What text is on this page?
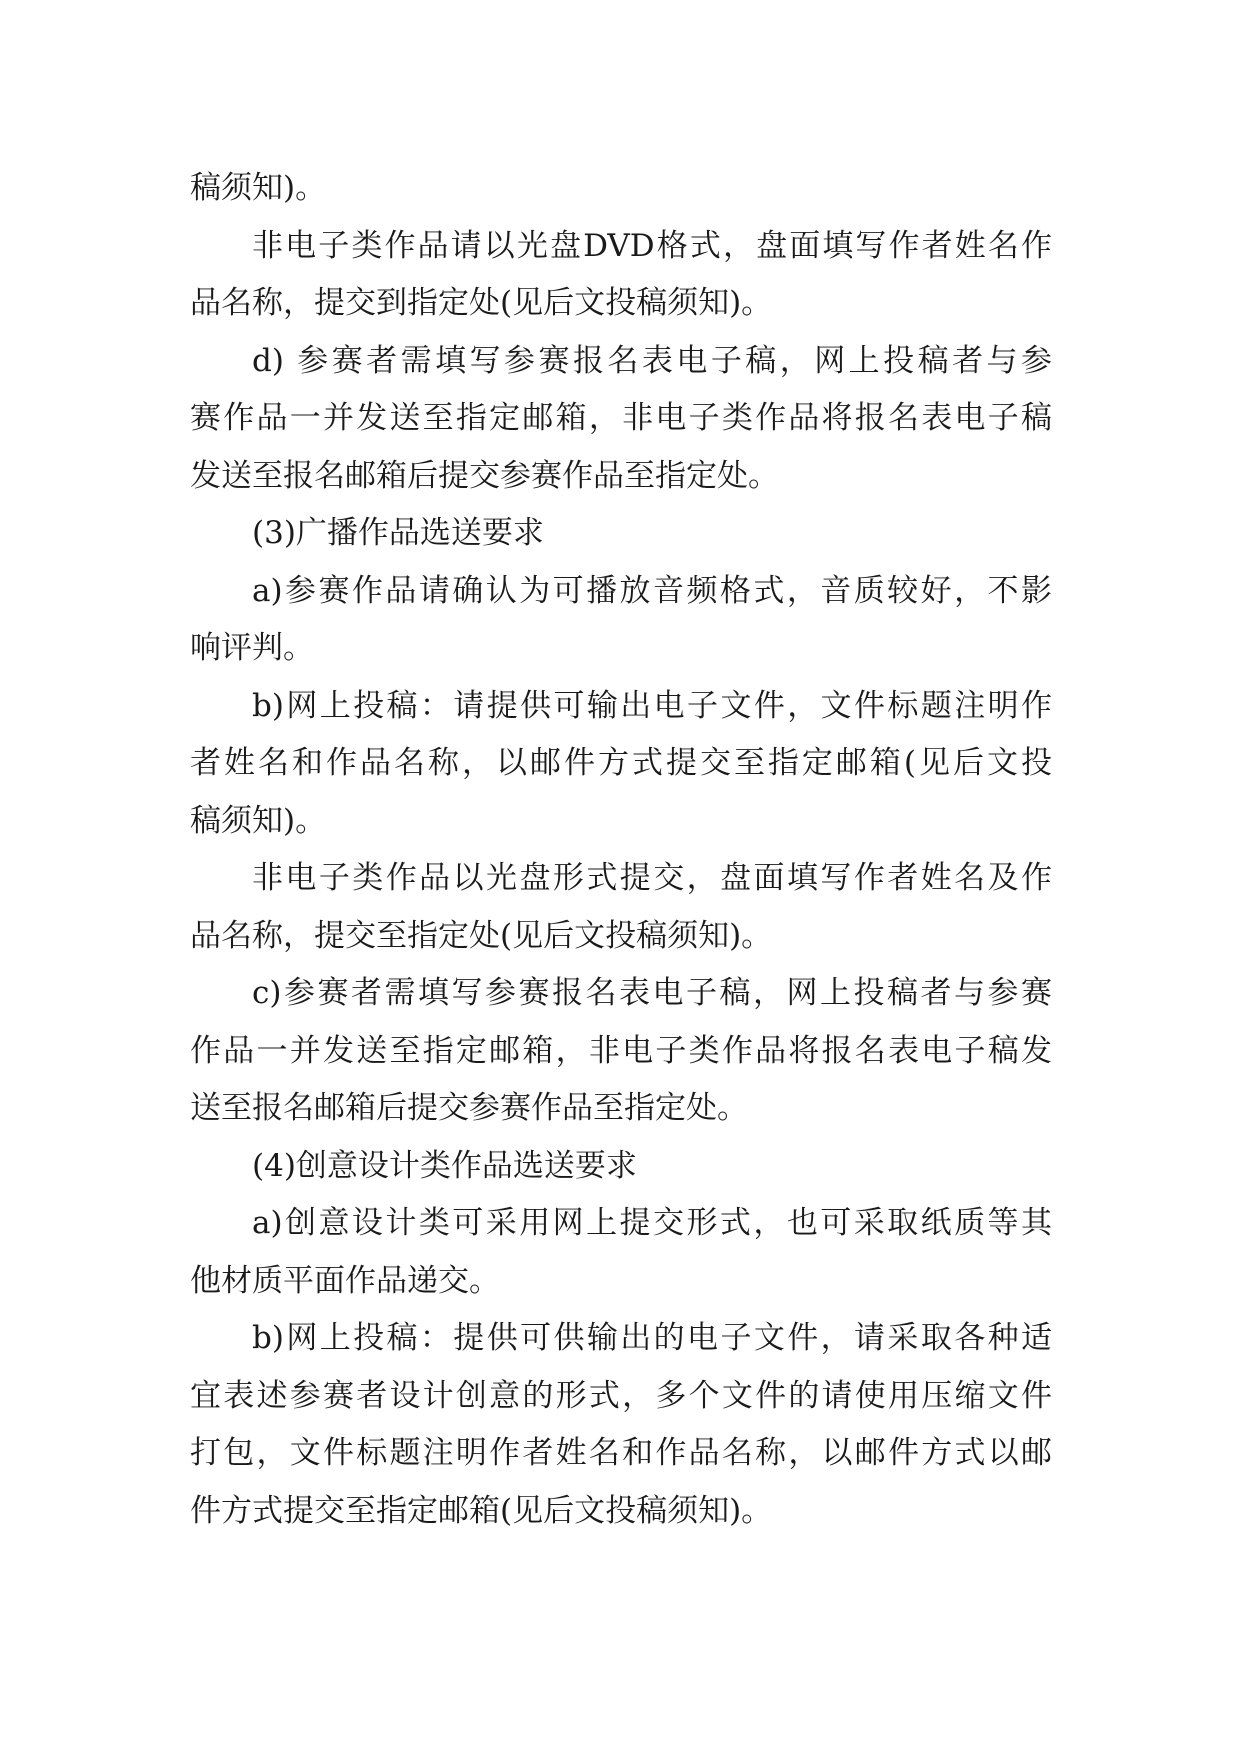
稿须知)。
非电子类作品请以光盘DVD格式，盘面填写作者姓名作
品名称，提交到指定处(见后文投稿须知)。
d) 参赛者需填写参赛报名表电子稿，网上投稿者与参
赛作品一并发送至指定邮箱，非电子类作品将报名表电子稿
发送至报名邮箱后提交参赛作品至指定处。
(3)广播作品选送要求
a)参赛作品请确认为可播放音频格式，音质较好，不影
响评判。
b)网上投稿：请提供可输出电子文件，文件标题注明作
者姓名和作品名称，以邮件方式提交至指定邮箱(见后文投
稿须知)。
非电子类作品以光盘形式提交，盘面填写作者姓名及作
品名称，提交至指定处(见后文投稿须知)。
c)参赛者需填写参赛报名表电子稿，网上投稿者与参赛
作品一并发送至指定邮箱，非电子类作品将报名表电子稿发
送至报名邮箱后提交参赛作品至指定处。
(4)创意设计类作品选送要求
a)创意设计类可采用网上提交形式，也可采取纸质等其
他材质平面作品递交。
b)网上投稿：提供可供输出的电子文件，请采取各种适
宜表述参赛者设计创意的形式，多个文件的请使用压缩文件
打包，文件标题注明作者姓名和作品名称，以邮件方式以邮
件方式提交至指定邮箱(见后文投稿须知)。
